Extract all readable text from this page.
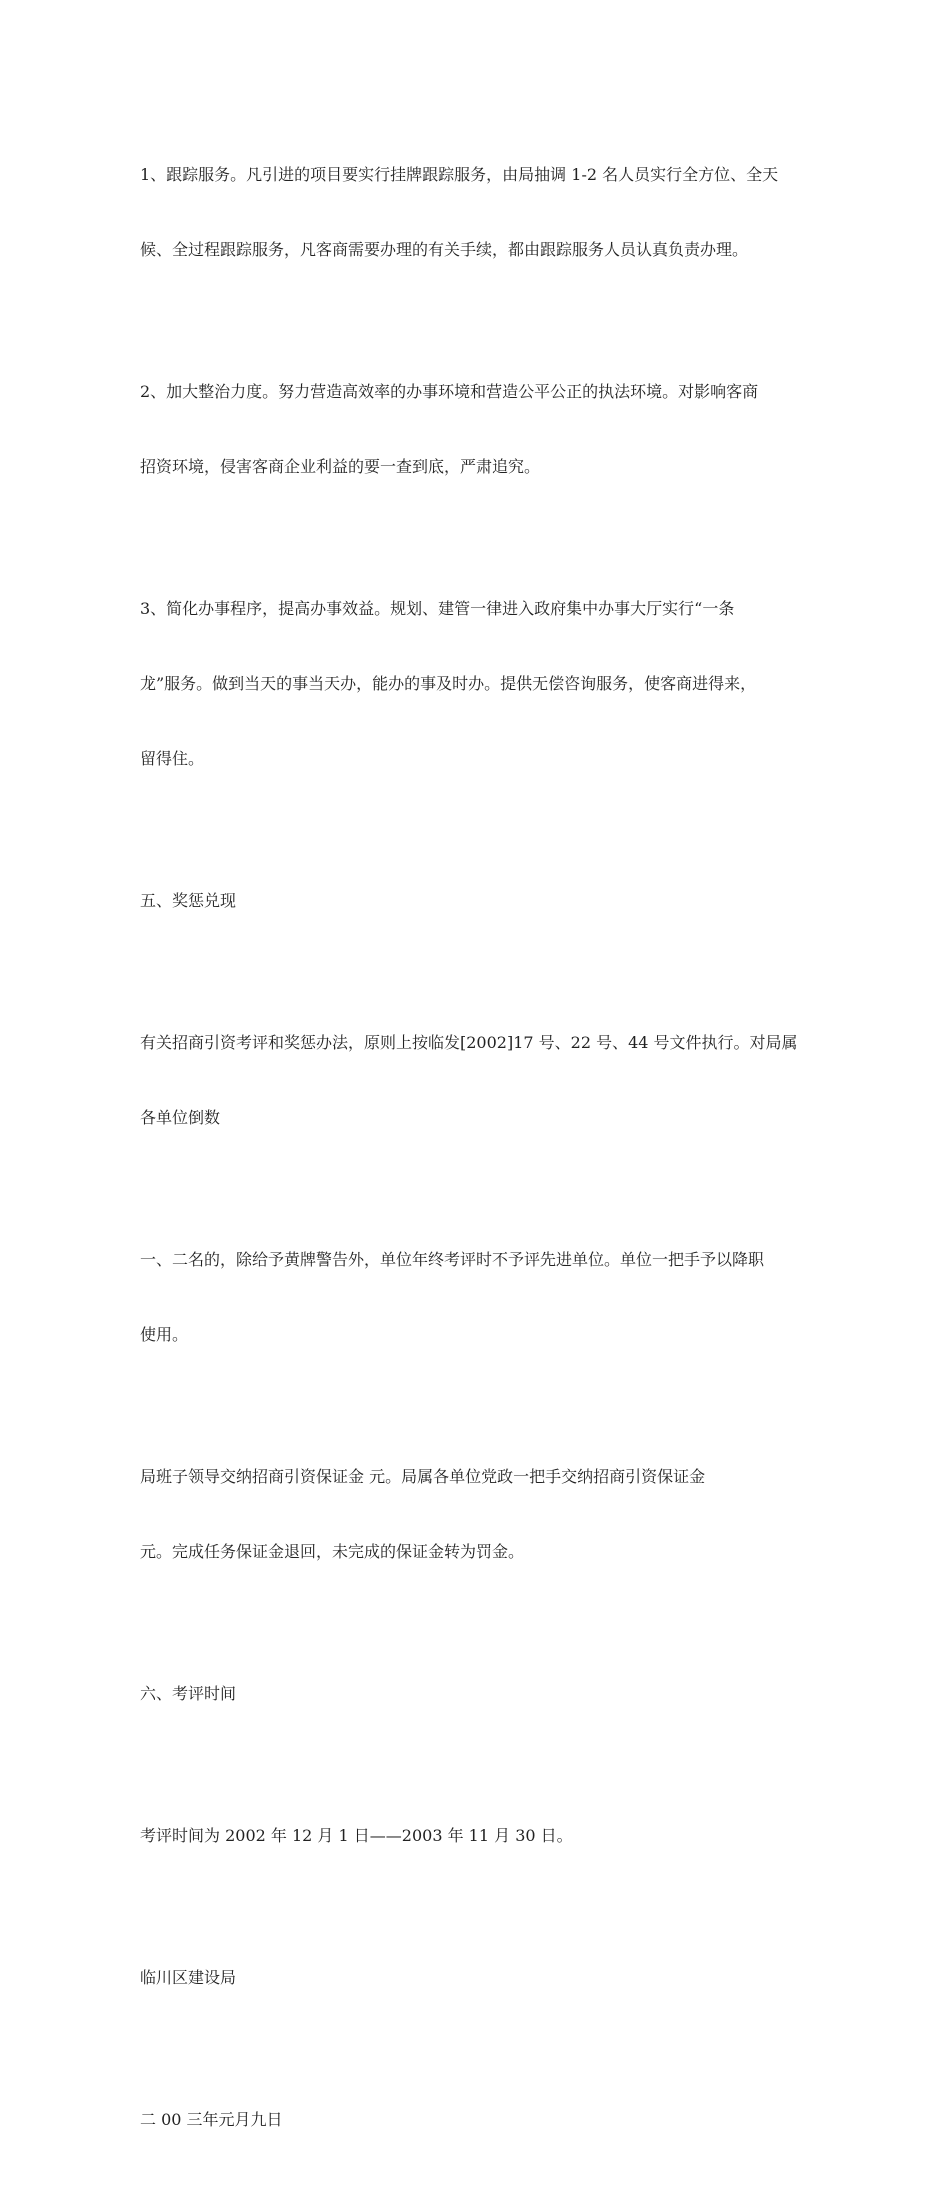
1、跟踪服务。凡引进的项目要实行挂牌跟踪服务，由局抽调 1-2 名人员实行全方位、全天

候、全过程跟踪服务，凡客商需要办理的有关手续，都由跟踪服务人员认真负责办理。

2、加大整治力度。努力营造高效率的办事环境和营造公平公正的执法环境。对影响客商

招资环境，侵害客商企业利益的要一查到底，严肃追究。

3、简化办事程序，提高办事效益。规划、建管一律进入政府集中办事大厅实行“一条

龙”服务。做到当天的事当天办，能办的事及时办。提供无偿咨询服务，使客商进得来，

留得住。

五、奖惩兑现

有关招商引资考评和奖惩办法，原则上按临发[2002]17 号、22 号、44 号文件执行。对局属

各单位倒数

一、二名的，除给予黄牌警告外，单位年终考评时不予评先进单位。单位一把手予以降职

使用。

局班子领导交纳招商引资保证金 元。局属各单位党政一把手交纳招商引资保证金

元。完成任务保证金退回，未完成的保证金转为罚金。

六、考评时间

考评时间为 2002 年 12 月 1 日——2003 年 11 月 30 日。

临川区建设局

二 00 三年元月九日
